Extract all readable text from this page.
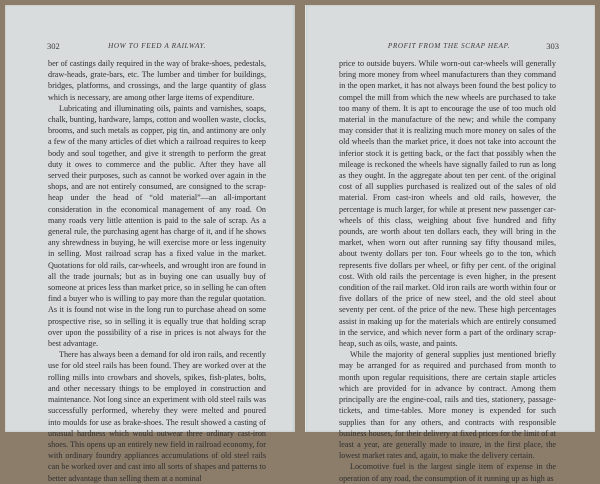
302	HOW TO FEED A RAILWAY.

ber of castings daily required in the way of brake-shoes, pedestals, draw-heads, grate-bars, etc. The lumber and timber for buildings, bridges, platforms, and crossings, and the large quantity of glass which is necessary, are among other large items of expenditure.

Lubricating and illuminating oils, paints and varnishes, soaps, chalk, bunting, hardware, lamps, cotton and woollen waste, clocks, brooms, and such metals as copper, pig tin, and antimony are only a few of the many articles of diet which a railroad requires to keep body and soul together, and give it strength to perform the great duty it owes to commerce and the public. After they have all served their purposes, such as cannot be worked over again in the shops, and are not entirely consumed, are consigned to the scrap-heap under the head of “old material”—an all-important consideration in the economical management of any road. On many roads very little attention is paid to the sale of scrap. As a general rule, the purchasing agent has charge of it, and if he shows any shrewdness in buying, he will exercise more or less ingenuity in selling. Most railroad scrap has a fixed value in the market. Quotations for old rails, car-wheels, and wrought iron are found in all the trade journals; but as in buying one can usually buy of someone at prices less than market price, so in selling he can often find a buyer who is willing to pay more than the regular quotation. As it is found not wise in the long run to purchase ahead on some prospective rise, so in selling it is equally true that holding scrap over upon the possibility of a rise in prices is not always for the best advantage.

There has always been a demand for old iron rails, and recently use for old steel rails has been found. They are worked over at the rolling mills into crowbars and shovels, spikes, fish-plates, bolts, and other necessary things to be employed in construction and maintenance. Not long since an experiment with old steel rails was successfully performed, whereby they were melted and poured into moulds for use as brake-shoes. The result showed a casting of unusual hardness which would outwear three ordinary cast-iron shoes. This opens up an entirely new field in railroad economy, for with ordinary foundry appliances accumulations of old steel rails can be worked over and cast into all sorts of shapes and patterns to better advantage than selling them at a nominal

PROFIT FROM THE SCRAP HEAP.	303

price to outside buyers. While worn-out car-wheels will generally bring more money from wheel manufacturers than they command in the open market, it has not always been found the best policy to compel the mill from which the new wheels are purchased to take too many of them. It is apt to encourage the use of too much old material in the manufacture of the new; and while the company may consider that it is realizing much more money on sales of the old wheels than the market price, it does not take into account the inferior stock it is getting back, or the fact that possibly when the mileage is reckoned the wheels have signally failed to run as long as they ought. In the aggregate about ten per cent. of the original cost of all supplies purchased is realized out of the sales of old material. From cast-iron wheels and old rails, however, the percentage is much larger, for while at present new passenger car-wheels of this class, weighing about five hundred and fifty pounds, are worth about ten dollars each, they will bring in the market, when worn out after running say fifty thousand miles, about twenty dollars per ton. Four wheels go to the ton, which represents five dollars per wheel, or fifty per cent. of the original cost. With old rails the percentage is even higher, in the present condition of the rail market. Old iron rails are worth within four or five dollars of the price of new steel, and the old steel about seventy per cent. of the price of the new. These high percentages assist in making up for the materials which are entirely consumed in the service, and which never form a part of the ordinary scrap-heap, such as oils, waste, and paints.

While the majority of general supplies just mentioned briefly may be arranged for as required and purchased from month to month upon regular requisitions, there are certain staple articles which are provided for in advance by contract. Among them principally are the engine-coal, rails and ties, stationery, passage-tickets, and time-tables. More money is expended for such supplies than for any others, and contracts with responsible business houses, for their delivery at fixed prices for the limit of at least a year, are generally made to insure, in the first place, the lowest market rates and, again, to make the delivery certain.

Locomotive fuel is the largest single item of expense in the operation of any road, the consumption of it running up as high as
